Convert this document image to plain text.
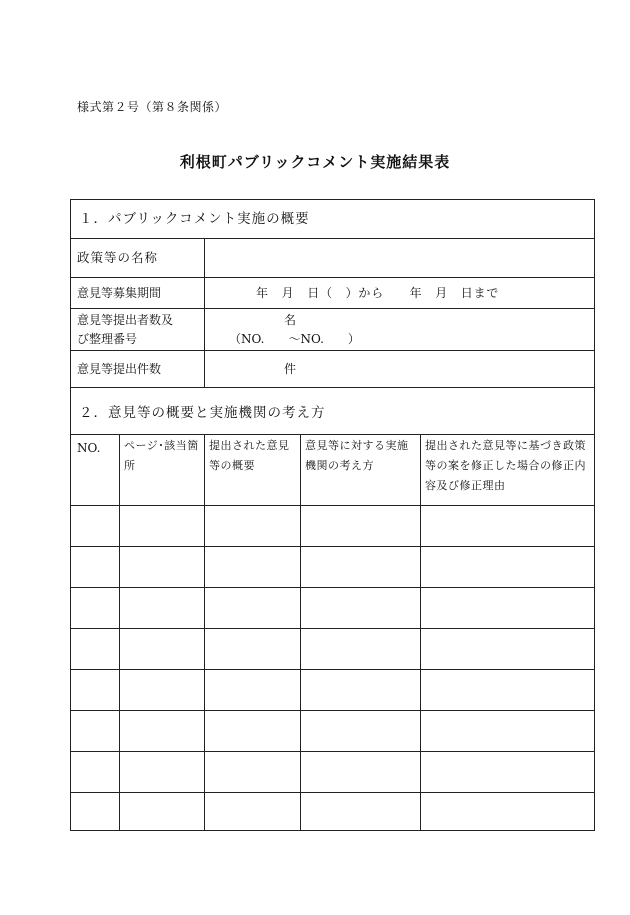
様式第２号（第８条関係）
利根町パブリックコメント実施結果表
１．パブリックコメント実施の概要
政策等の名称
意見等募集期間	年　月　日（　）から　　年　月　日まで
意見等提出者数及
び整理番号
名
（NO.　　～NO.　　）
意見等提出件数	件
２．意見等の概要と実施機関の考え方
NO. ページ･該当箇所
提出された意見等の概要
意見等に対する実施機関の考え方
提出された意見等に基づき政策等の案を修正した場合の修正内容及び修正理由
